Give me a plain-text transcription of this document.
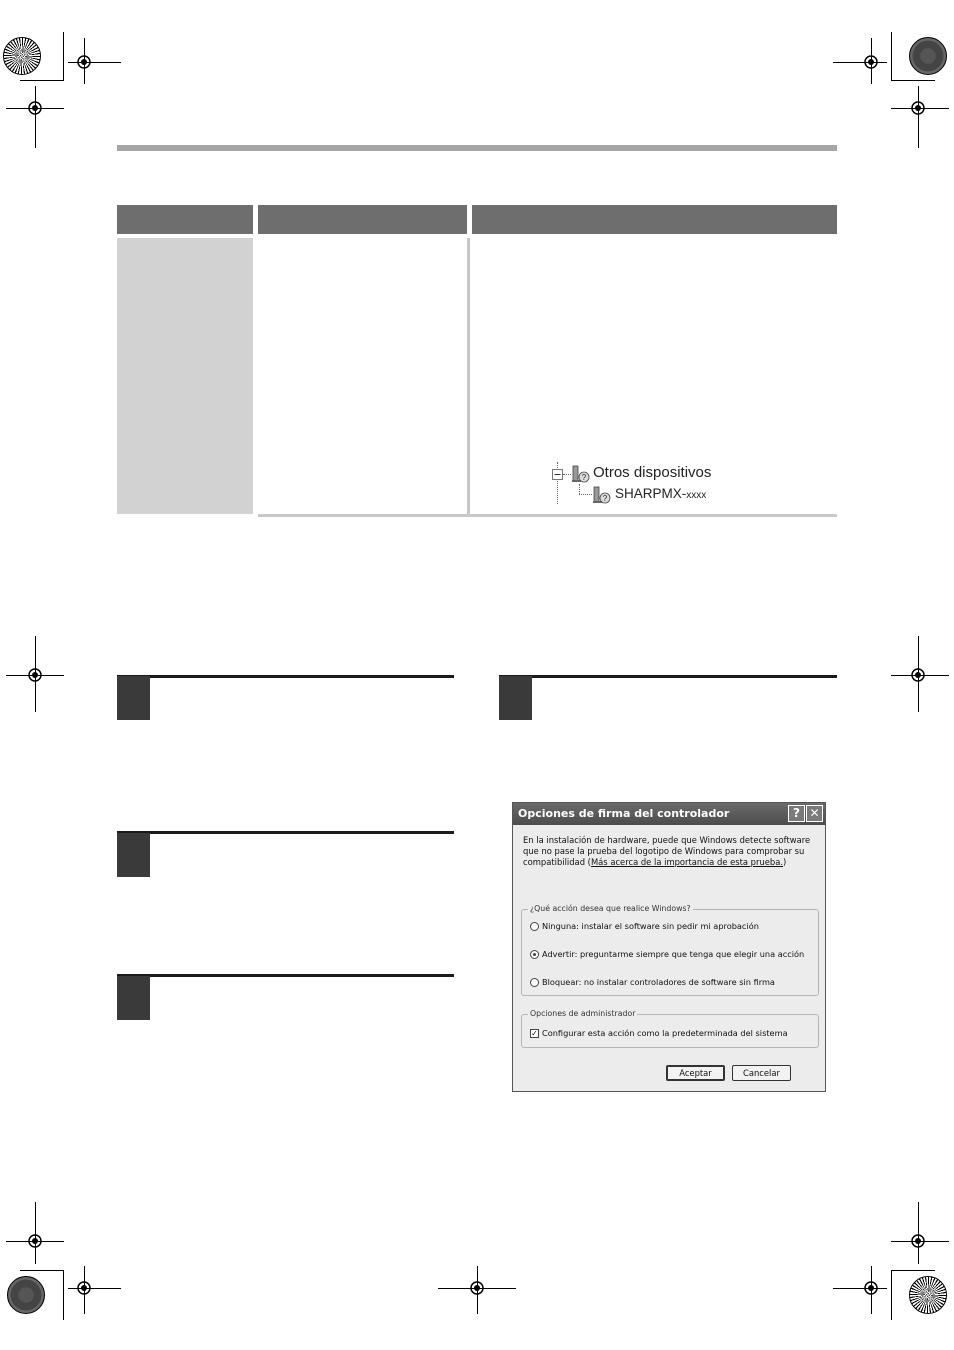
? Otros dispositivos
? SHARPMX-xxxx
Opciones de firma del controlador	? ✕
En la instalación de hardware, puede que Windows detecte software que no pase la prueba del logotipo de Windows para comprobar su compatibilidad (Más acerca de la importancia de esta prueba.)
¿Qué acción desea que realice Windows?
Ninguna: instalar el software sin pedir mi aprobación
Advertir: preguntarme siempre que tenga que elegir una acción
Bloquear: no instalar controladores de software sin firma
Opciones de administrador
✓ Configurar esta acción como la predeterminada del sistema
Aceptar	Cancelar
